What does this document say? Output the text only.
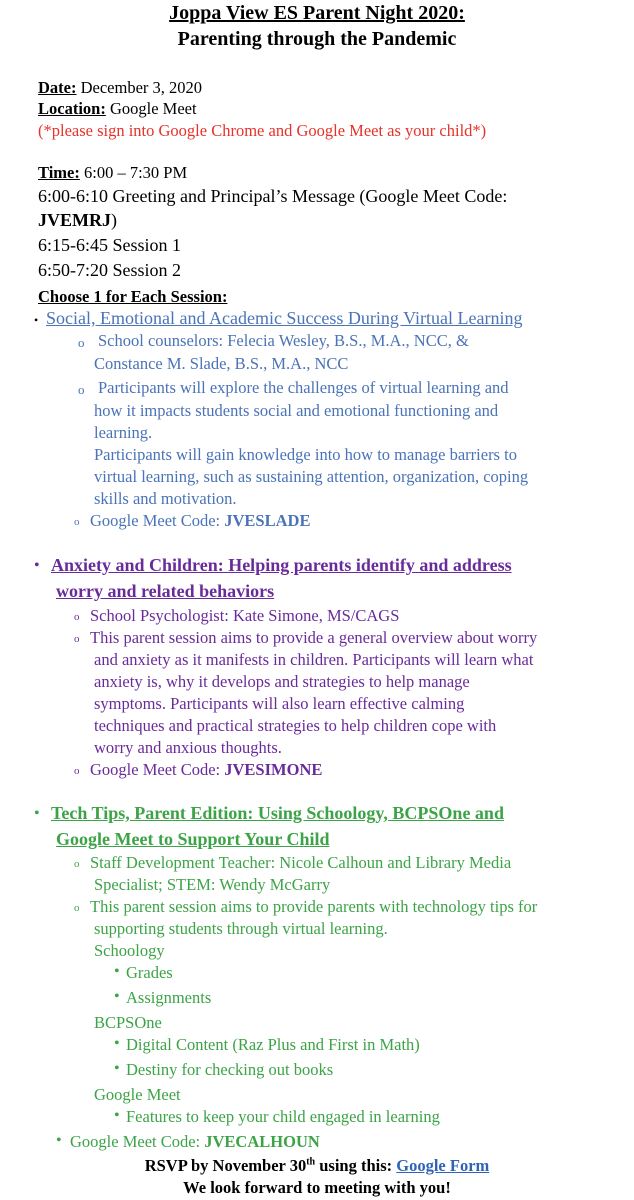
Joppa View ES Parent Night 2020:
Parenting through the Pandemic
Date: December 3, 2020
Location: Google Meet
(*please sign into Google Chrome and Google Meet as your child*)
Time: 6:00 – 7:30 PM
6:00-6:10 Greeting and Principal’s Message (Google Meet Code:
JVEMRJ)
6:15-6:45 Session 1
6:50-7:20 Session 2
Choose 1 for Each Session:
• Social, Emotional and Academic Success During Virtual Learning
o School counselors: Felecia Wesley, B.S., M.A., NCC, &
Constance M. Slade, B.S., M.A., NCC
o Participants will explore the challenges of virtual learning and
how it impacts students social and emotional functioning and
learning.
Participants will gain knowledge into how to manage barriers to
virtual learning, such as sustaining attention, organization, coping
skills and motivation.
o Google Meet Code: JVESLADE
• Anxiety and Children: Helping parents identify and address
worry and related behaviors
o School Psychologist: Kate Simone, MS/CAGS
o This parent session aims to provide a general overview about worry
and anxiety as it manifests in children. Participants will learn what
anxiety is, why it develops and strategies to help manage
symptoms. Participants will also learn effective calming
techniques and practical strategies to help children cope with
worry and anxious thoughts.
o Google Meet Code: JVESIMONE
• Tech Tips, Parent Edition: Using Schoology, BCPSOne and
Google Meet to Support Your Child
o Staff Development Teacher: Nicole Calhoun and Library Media
Specialist; STEM: Wendy McGarry
o This parent session aims to provide parents with technology tips for
supporting students through virtual learning.
Schoology
• Grades
• Assignments
BCPSOne
• Digital Content (Raz Plus and First in Math)
• Destiny for checking out books
Google Meet
• Features to keep your child engaged in learning
• Google Meet Code: JVECALHOUN
RSVP by November 30th using this: Google Form
We look forward to meeting with you!
